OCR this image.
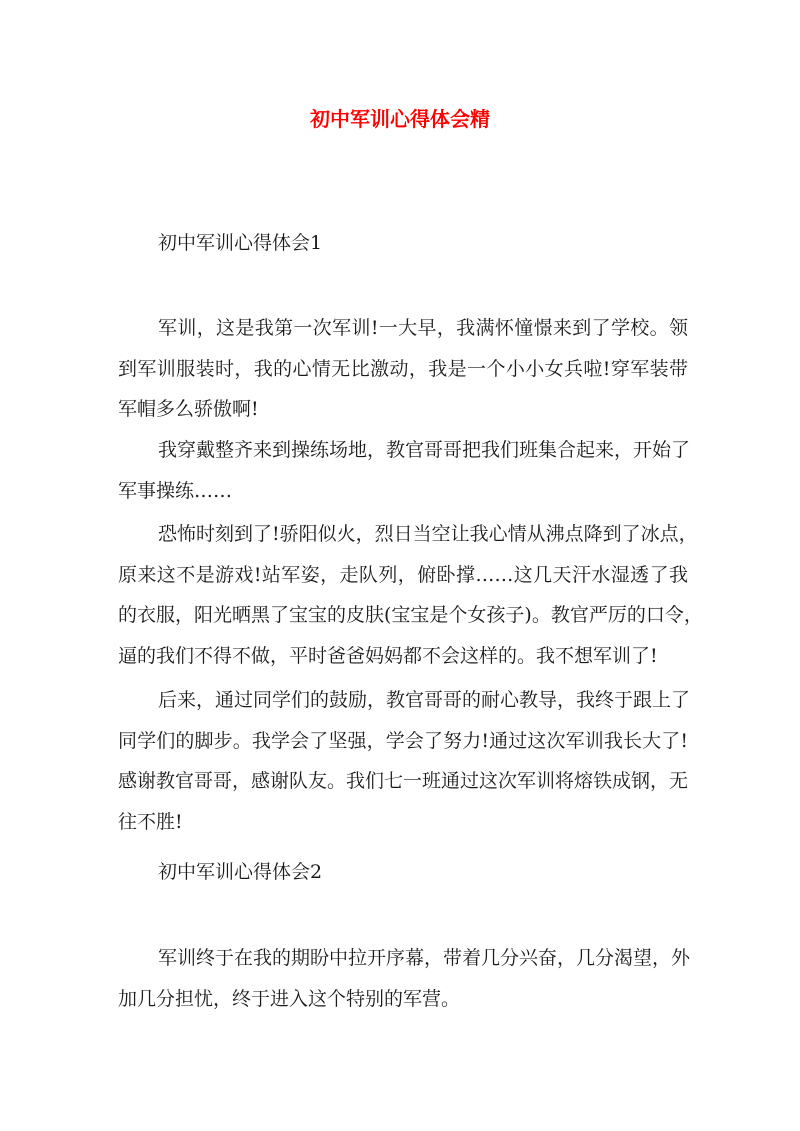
初中军训心得体会精
初中军训心得体会1
军训，这是我第一次军训!一大早，我满怀憧憬来到了学校。领
到军训服装时，我的心情无比激动，我是一个小小女兵啦!穿军装带
军帽多么骄傲啊!
我穿戴整齐来到操练场地，教官哥哥把我们班集合起来，开始了
军事操练……
恐怖时刻到了!骄阳似火，烈日当空让我心情从沸点降到了冰点，
原来这不是游戏!站军姿，走队列，俯卧撑……这几天汗水湿透了我
的衣服，阳光晒黑了宝宝的皮肤(宝宝是个女孩子)。教官严厉的口令，
逼的我们不得不做，平时爸爸妈妈都不会这样的。我不想军训了!
后来，通过同学们的鼓励，教官哥哥的耐心教导，我终于跟上了
同学们的脚步。我学会了坚强，学会了努力!通过这次军训我长大了!
感谢教官哥哥，感谢队友。我们七一班通过这次军训将熔铁成钢，无
往不胜!
初中军训心得体会2
军训终于在我的期盼中拉开序幕，带着几分兴奋，几分渴望，外
加几分担忧，终于进入这个特别的军营。
